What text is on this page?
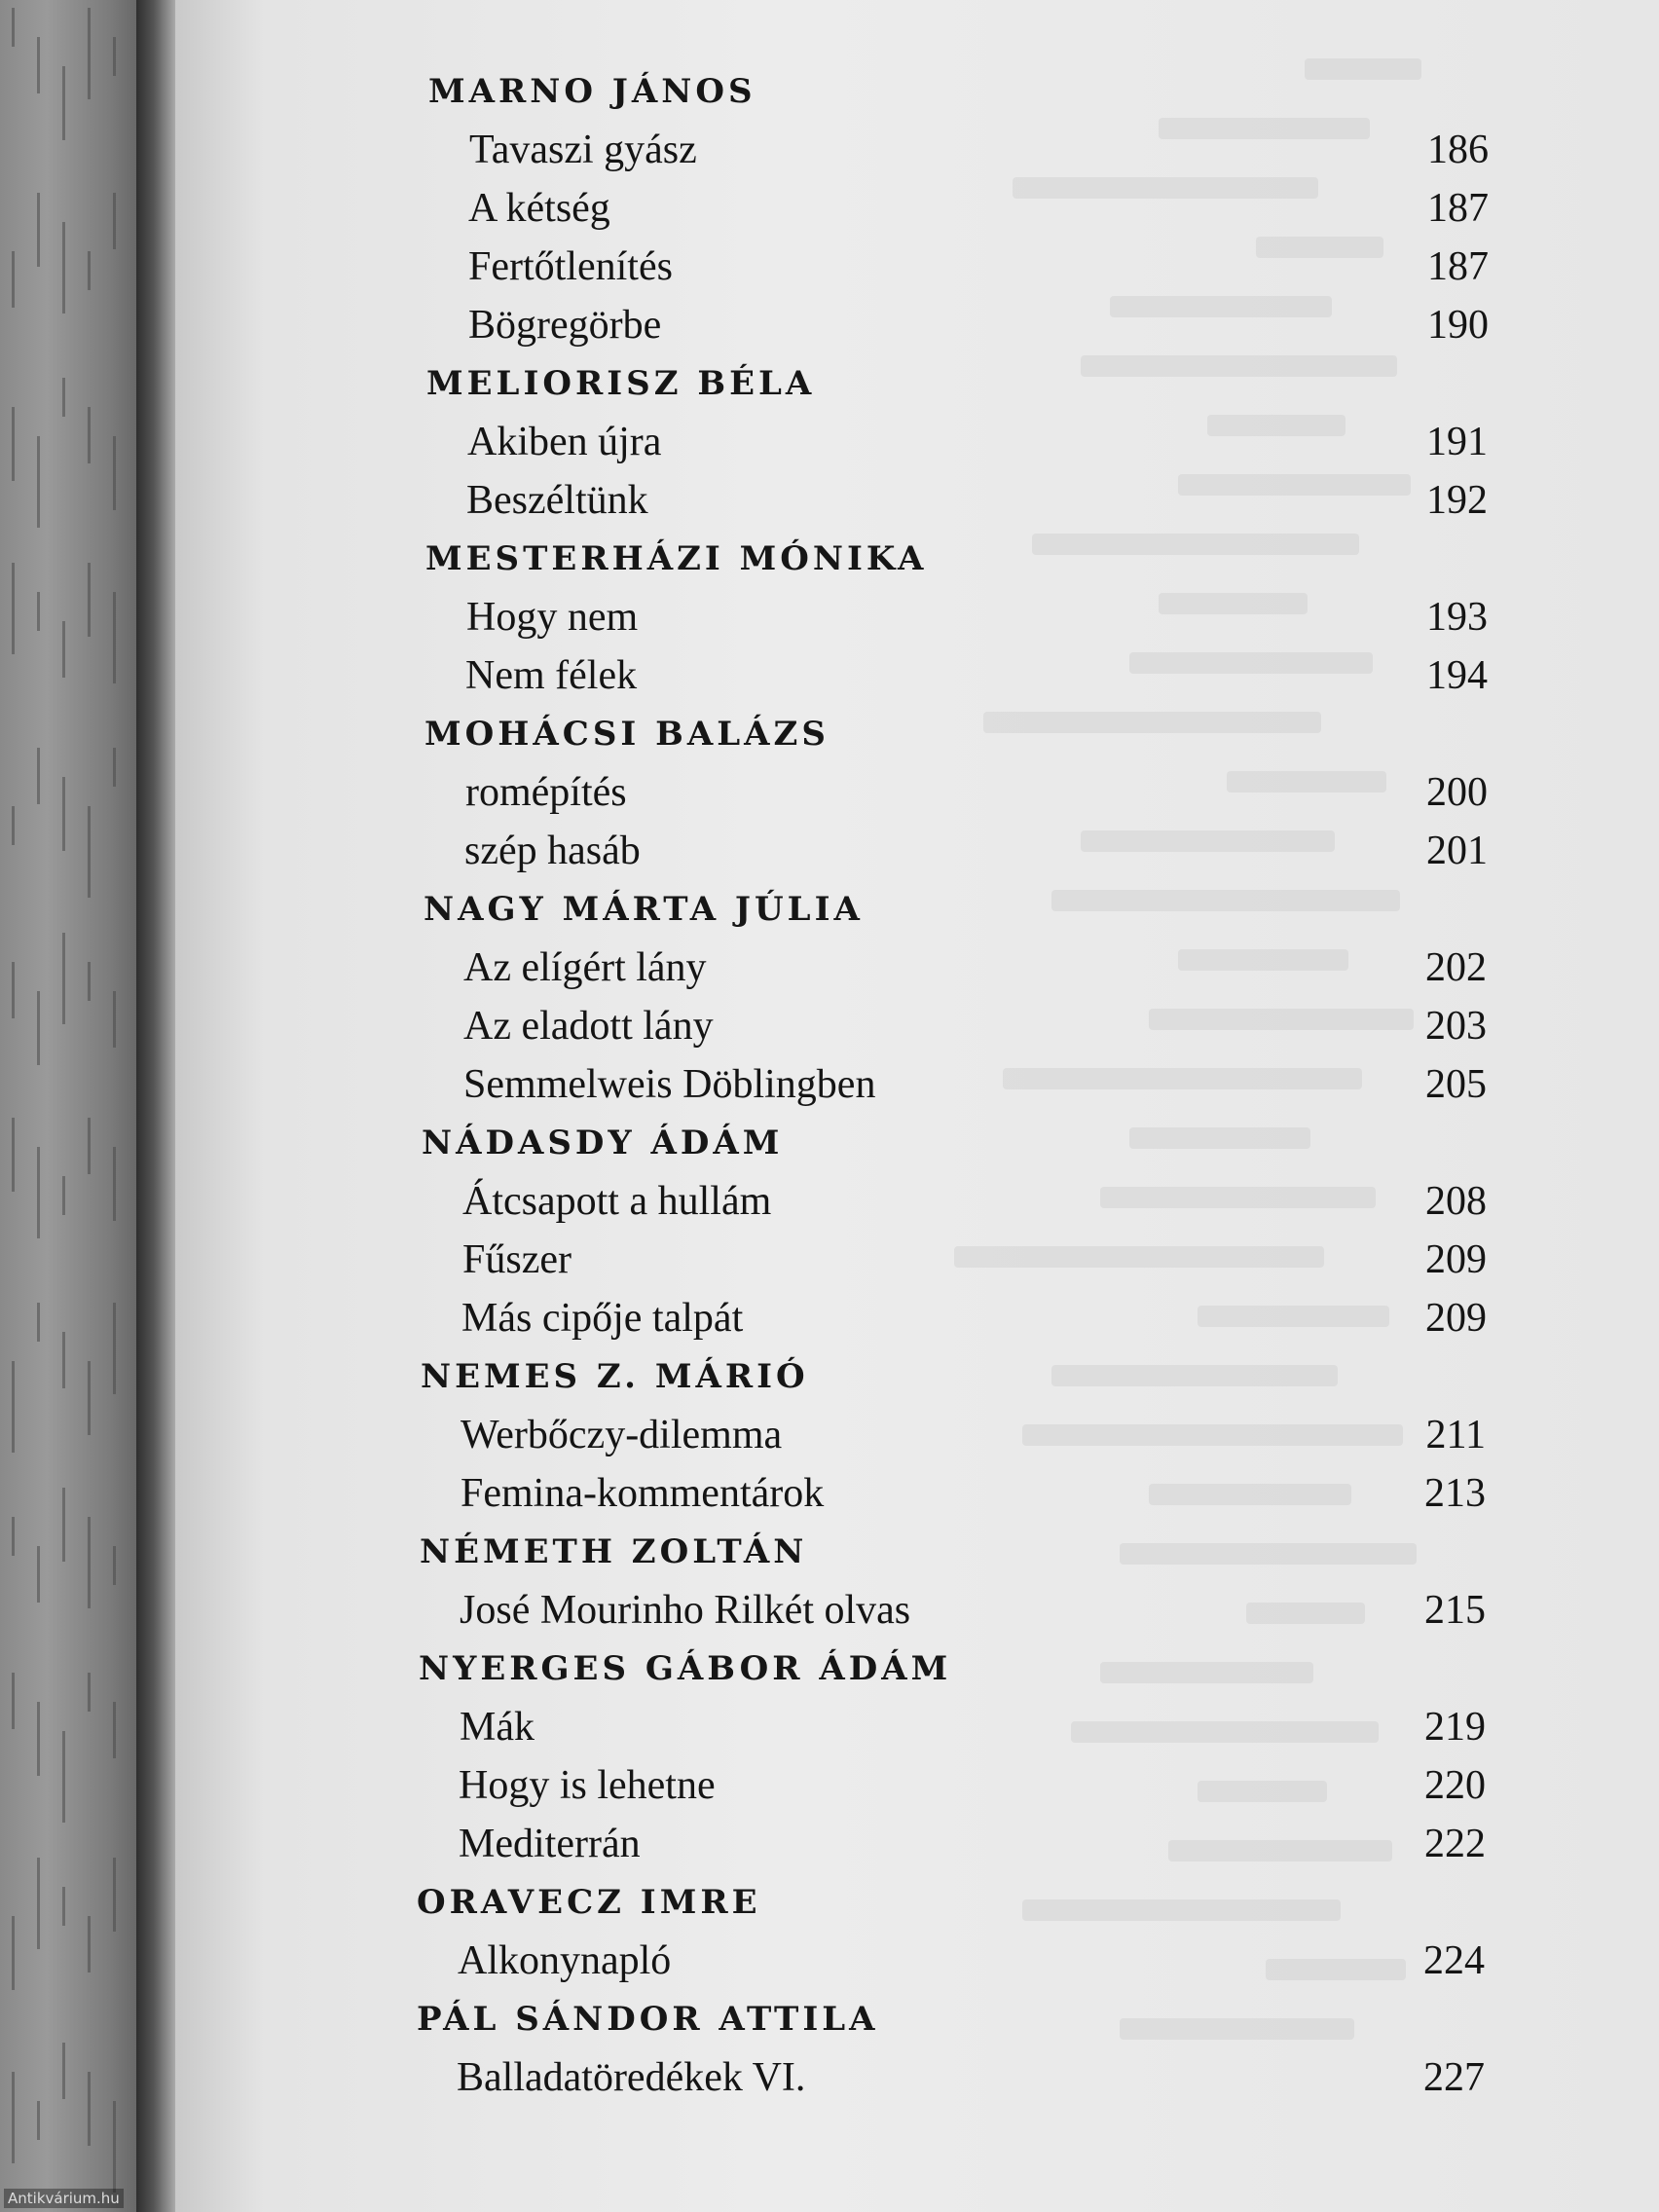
MARNO JÁNOS
Tavaszi gyász	186
A kétség	187
Fertőtlenítés	187
Bögregörbe	190
MELIORISZ BÉLA
Akiben újra	191
Beszéltünk	192
MESTERHÁZI MÓNIKA
Hogy nem	193
Nem félek	194
MOHÁCSI BALÁZS
romépítés	200
szép hasáb	201
NAGY MÁRTA JÚLIA
Az elígért lány	202
Az eladott lány	203
Semmelweis Döblingben	205
NÁDASDY ÁDÁM
Átcsapott a hullám	208
Fűszer	209
Más cipője talpát	209
NEMES Z. MÁRIÓ
Werbőczy-dilemma	211
Femina-kommentárok	213
NÉMETH ZOLTÁN
José Mourinho Rilkét olvas	215
NYERGES GÁBOR ÁDÁM
Mák	219
Hogy is lehetne	220
Mediterrán	222
ORAVECZ IMRE
Alkonynapló	224
PÁL SÁNDOR ATTILA
Balladatöredékek VI.	227
Antikvárium.hu
